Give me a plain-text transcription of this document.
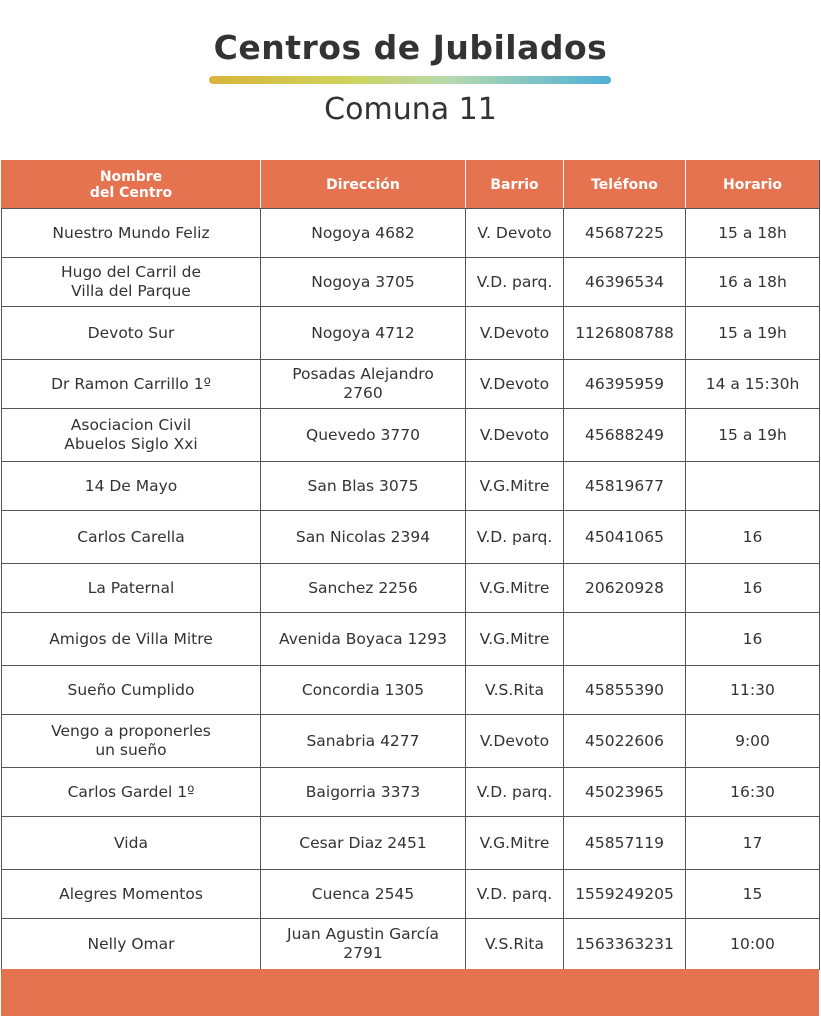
Centros de Jubilados
Comuna 11
Nombre
del Centro	Dirección	Barrio	Teléfono	Horario

Nuestro Mundo Feliz	Nogoya 4682	V. Devoto	45687225	15 a 18h

Hugo del Carril de
Villa del Parque	Nogoya 3705	V.D. parq.	46396534	16 a 18h

Devoto Sur	Nogoya 4712	V.Devoto	1126808788	15 a 19h

Dr Ramon Carrillo 1º	Posadas Alejandro
2760	V.Devoto	46395959	14 a 15:30h

Asociacion Civil
Abuelos Siglo Xxi	Quevedo 3770	V.Devoto	45688249	15 a 19h

14 De Mayo	San Blas 3075	V.G.Mitre	45819677	

Carlos Carella	San Nicolas 2394	V.D. parq.	45041065	16

La Paternal	Sanchez 2256	V.G.Mitre	20620928	16

Amigos de Villa Mitre	Avenida Boyaca 1293	V.G.Mitre		16

Sueño Cumplido	Concordia 1305	V.S.Rita	45855390	11:30

Vengo a proponerles
un sueño	Sanabria 4277	V.Devoto	45022606	9:00

Carlos Gardel 1º	Baigorria 3373	V.D. parq.	45023965	16:30

Vida	Cesar Diaz 2451	V.G.Mitre	45857119	17

Alegres Momentos	Cuenca 2545	V.D. parq.	1559249205	15

Nelly Omar	Juan Agustin García
2791	V.S.Rita	1563363231	10:00
